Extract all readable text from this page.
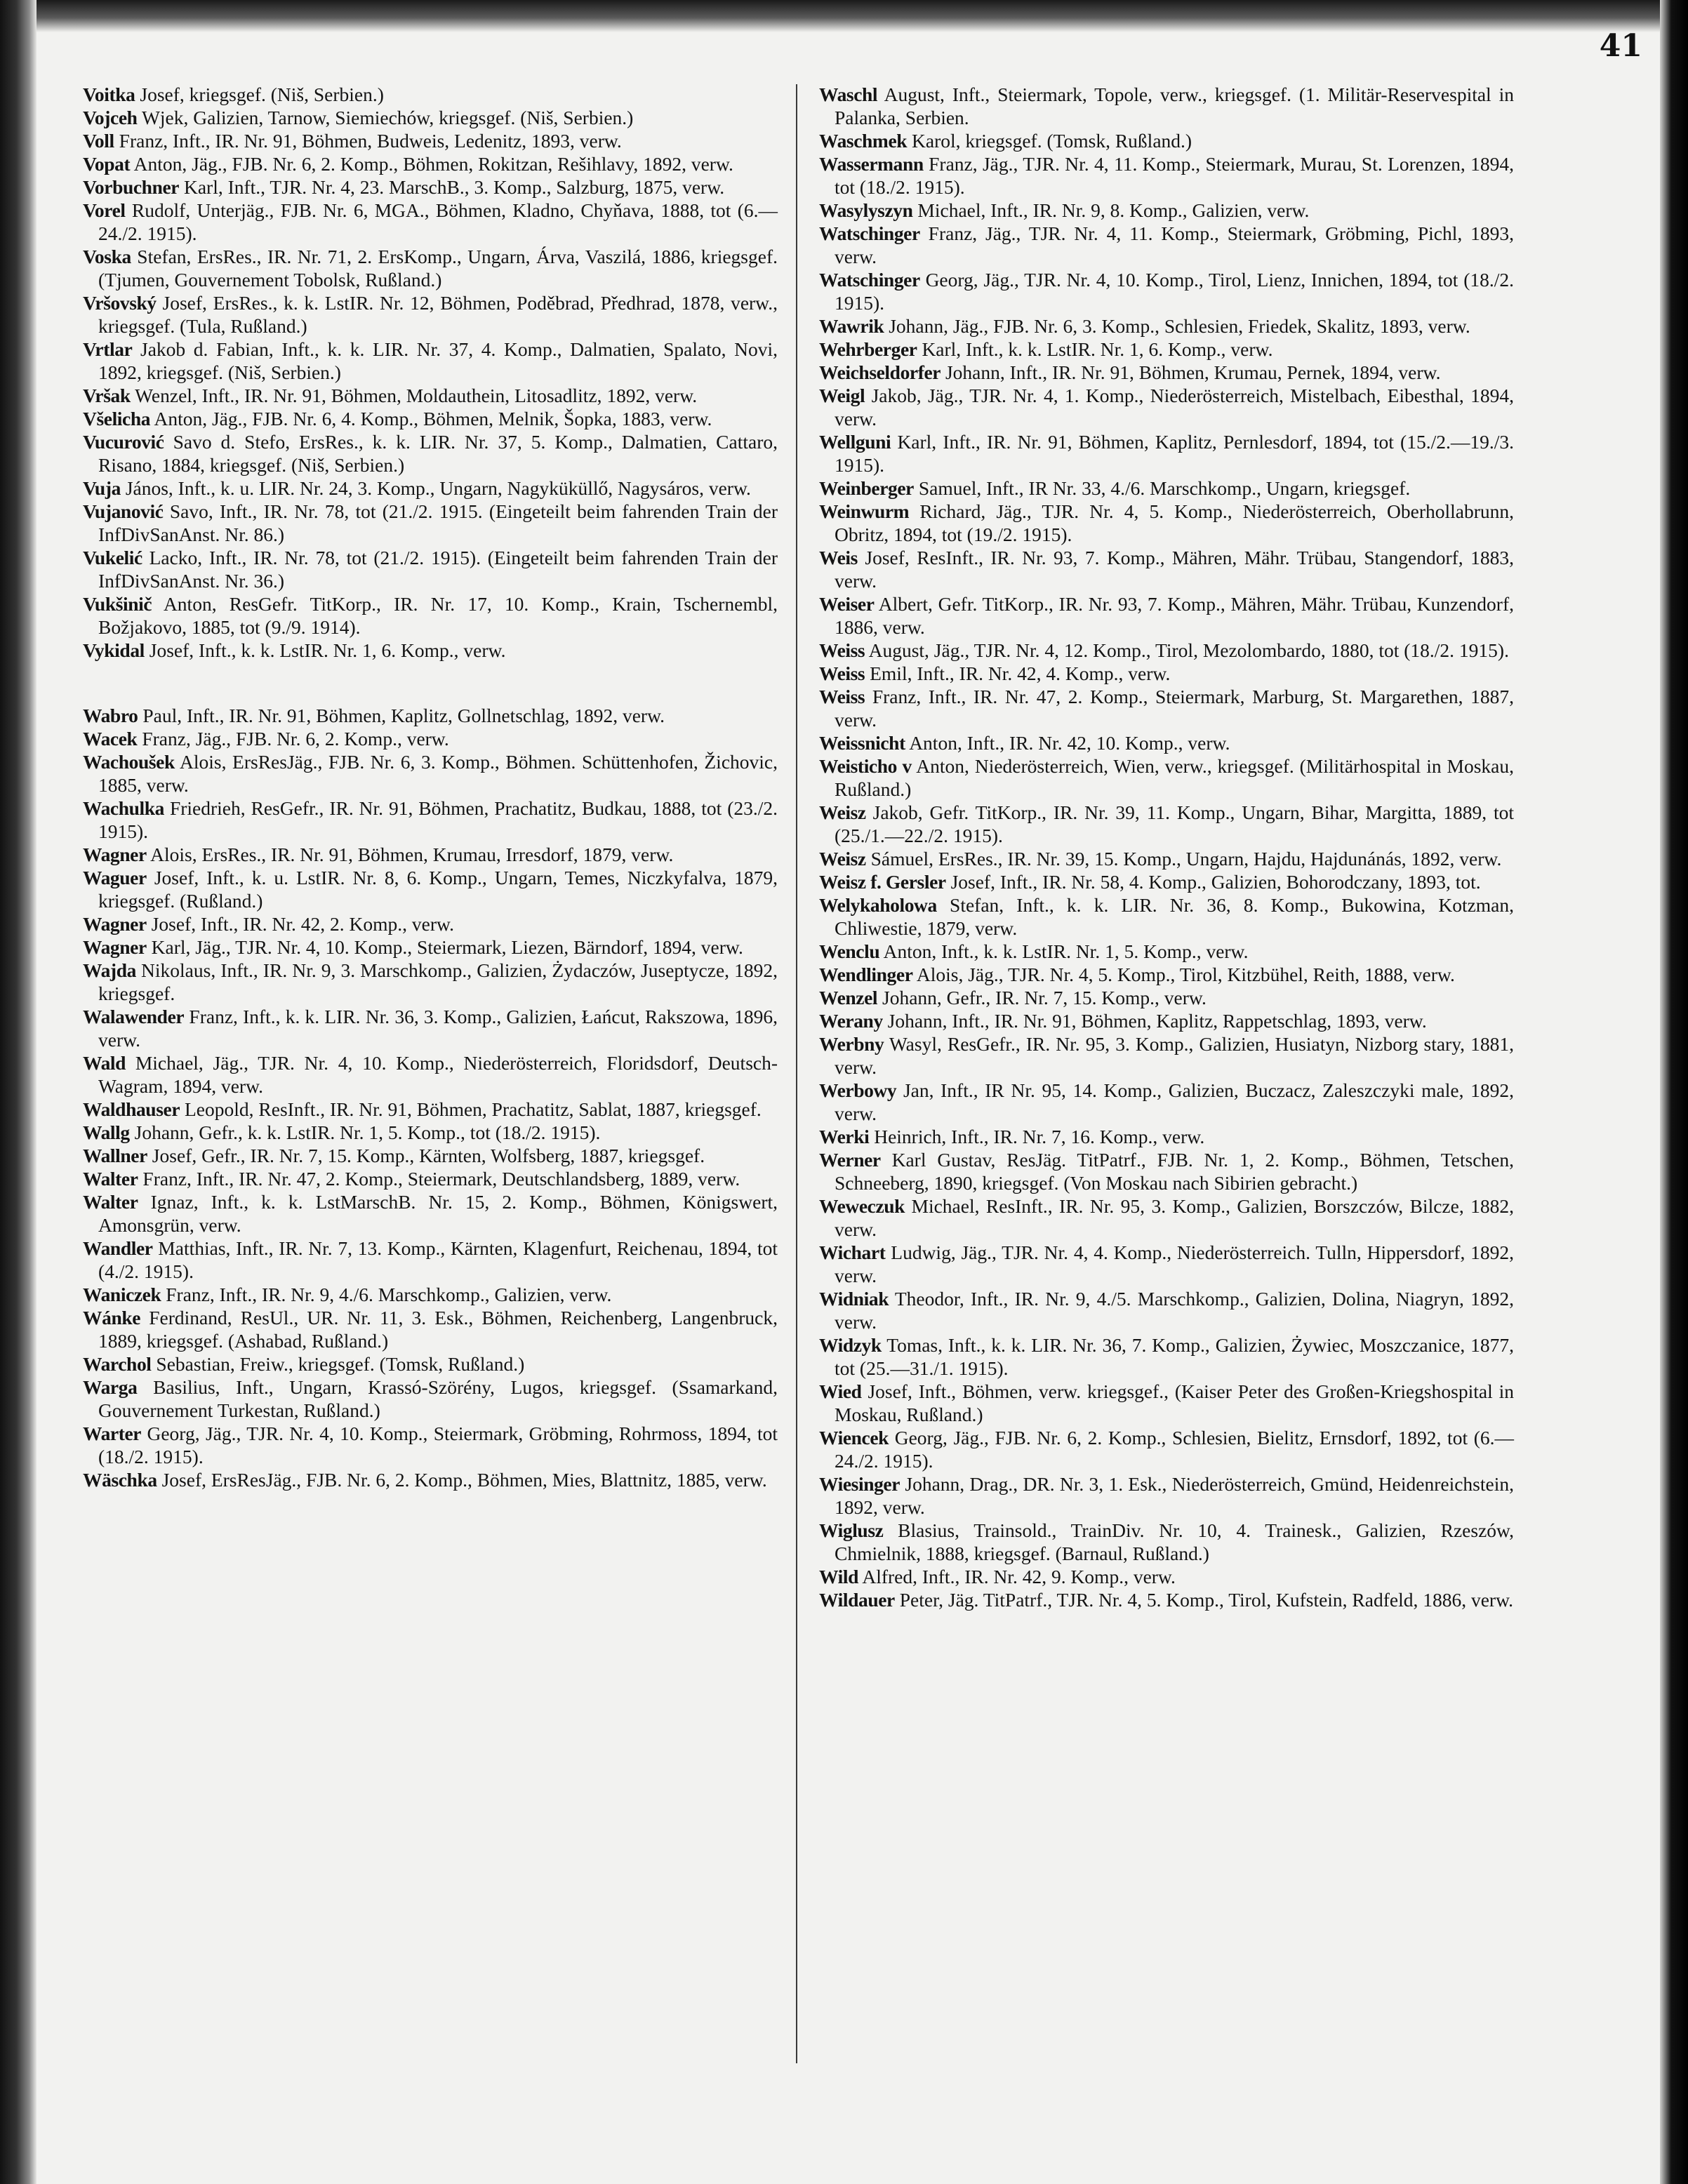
41

Voitka Josef, kriegsgef. (Niš, Serbien.)

Vojceh Wjek, Galizien, Tarnow, Siemiechów, kriegsgef. (Niš, Serbien.)

Voll Franz, Inft., IR. Nr. 91, Böhmen, Budweis, Ledenitz, 1893, verw.

Vopat Anton, Jäg., FJB. Nr. 6, 2. Komp., Böhmen, Rokitzan, Rešihlavy, 1892, verw.

Vorbuchner Karl, Inft., TJR. Nr. 4, 23. MarschB., 3. Komp., Salzburg, 1875, verw.

Vorel Rudolf, Unterjäg., FJB. Nr. 6, MGA., Böhmen, Kladno, Chyňava, 1888, tot (6.—24./2. 1915).

Voska Stefan, ErsRes., IR. Nr. 71, 2. ErsKomp., Ungarn, Árva, Vaszilá, 1886, kriegsgef. (Tjumen, Gouvernement Tobolsk, Rußland.)

Vršovský Josef, ErsRes., k. k. LstIR. Nr. 12, Böhmen, Poděbrad, Předhrad, 1878, verw., kriegsgef. (Tula, Rußland.)

Vrtlar Jakob d. Fabian, Inft., k. k. LIR. Nr. 37, 4. Komp., Dalmatien, Spalato, Novi, 1892, kriegsgef. (Niš, Serbien.)

Vršak Wenzel, Inft., IR. Nr. 91, Böhmen, Moldauthein, Litosadlitz, 1892, verw.

Všelicha Anton, Jäg., FJB. Nr. 6, 4. Komp., Böhmen, Melnik, Šopka, 1883, verw.

Vucurović Savo d. Stefo, ErsRes., k. k. LIR. Nr. 37, 5. Komp., Dalmatien, Cattaro, Risano, 1884, kriegsgef. (Niš, Serbien.)

Vuja János, Inft., k. u. LIR. Nr. 24, 3. Komp., Ungarn, Nagyküküllő, Nagysáros, verw.

Vujanović Savo, Inft., IR. Nr. 78, tot (21./2. 1915. (Eingeteilt beim fahrenden Train der InfDivSanAnst. Nr. 86.)

Vukelić Lacko, Inft., IR. Nr. 78, tot (21./2. 1915). (Eingeteilt beim fahrenden Train der InfDivSanAnst. Nr. 36.)

Vukšinič Anton, ResGefr. TitKorp., IR. Nr. 17, 10. Komp., Krain, Tschernembl, Božjakovo, 1885, tot (9./9. 1914).

Vykidal Josef, Inft., k. k. LstIR. Nr. 1, 6. Komp., verw.

Wabro Paul, Inft., IR. Nr. 91, Böhmen, Kaplitz, Gollnetschlag, 1892, verw.

Wacek Franz, Jäg., FJB. Nr. 6, 2. Komp., verw.

Wachoušek Alois, ErsResJäg., FJB. Nr. 6, 3. Komp., Böhmen. Schüttenhofen, Žichovic, 1885, verw.

Wachulka Friedrieh, ResGefr., IR. Nr. 91, Böhmen, Prachatitz, Budkau, 1888, tot (23./2. 1915).

Wagner Alois, ErsRes., IR. Nr. 91, Böhmen, Krumau, Irresdorf, 1879, verw.

Waguer Josef, Inft., k. u. LstIR. Nr. 8, 6. Komp., Ungarn, Temes, Niczkyfalva, 1879, kriegsgef. (Rußland.)

Wagner Josef, Inft., IR. Nr. 42, 2. Komp., verw.

Wagner Karl, Jäg., TJR. Nr. 4, 10. Komp., Steiermark, Liezen, Bärndorf, 1894, verw.

Wajda Nikolaus, Inft., IR. Nr. 9, 3. Marschkomp., Galizien, Żydaczów, Juseptycze, 1892, kriegsgef.

Walawender Franz, Inft., k. k. LIR. Nr. 36, 3. Komp., Galizien, Łańcut, Rakszowa, 1896, verw.

Wald Michael, Jäg., TJR. Nr. 4, 10. Komp., Niederösterreich, Floridsdorf, Deutsch-Wagram, 1894, verw.

Waldhauser Leopold, ResInft., IR. Nr. 91, Böhmen, Prachatitz, Sablat, 1887, kriegsgef.

Wallg Johann, Gefr., k. k. LstIR. Nr. 1, 5. Komp., tot (18./2. 1915).

Wallner Josef, Gefr., IR. Nr. 7, 15. Komp., Kärnten, Wolfsberg, 1887, kriegsgef.

Walter Franz, Inft., IR. Nr. 47, 2. Komp., Steiermark, Deutschlandsberg, 1889, verw.

Walter Ignaz, Inft., k. k. LstMarschB. Nr. 15, 2. Komp., Böhmen, Königswert, Amonsgrün, verw.

Wandler Matthias, Inft., IR. Nr. 7, 13. Komp., Kärnten, Klagenfurt, Reichenau, 1894, tot (4./2. 1915).

Waniczek Franz, Inft., IR. Nr. 9, 4./6. Marschkomp., Galizien, verw.

Wánke Ferdinand, ResUl., UR. Nr. 11, 3. Esk., Böhmen, Reichenberg, Langenbruck, 1889, kriegsgef. (Ashabad, Rußland.)

Warchol Sebastian, Freiw., kriegsgef. (Tomsk, Rußland.)

Warga Basilius, Inft., Ungarn, Krassó-Szörény, Lugos, kriegsgef. (Ssamarkand, Gouvernement Turkestan, Rußland.)

Warter Georg, Jäg., TJR. Nr. 4, 10. Komp., Steiermark, Gröbming, Rohrmoss, 1894, tot (18./2. 1915).

Wäschka Josef, ErsResJäg., FJB. Nr. 6, 2. Komp., Böhmen, Mies, Blattnitz, 1885, verw.

Waschl August, Inft., Steiermark, Topole, verw., kriegsgef. (1. Militär-Reservespital in Palanka, Serbien.

Waschmek Karol, kriegsgef. (Tomsk, Rußland.)

Wassermann Franz, Jäg., TJR. Nr. 4, 11. Komp., Steiermark, Murau, St. Lorenzen, 1894, tot (18./2. 1915).

Wasylyszyn Michael, Inft., IR. Nr. 9, 8. Komp., Galizien, verw.

Watschinger Franz, Jäg., TJR. Nr. 4, 11. Komp., Steiermark, Gröbming, Pichl, 1893, verw.

Watschinger Georg, Jäg., TJR. Nr. 4, 10. Komp., Tirol, Lienz, Innichen, 1894, tot (18./2. 1915).

Wawrik Johann, Jäg., FJB. Nr. 6, 3. Komp., Schlesien, Friedek, Skalitz, 1893, verw.

Wehrberger Karl, Inft., k. k. LstIR. Nr. 1, 6. Komp., verw.

Weichseldorfer Johann, Inft., IR. Nr. 91, Böhmen, Krumau, Pernek, 1894, verw.

Weigl Jakob, Jäg., TJR. Nr. 4, 1. Komp., Niederösterreich, Mistelbach, Eibesthal, 1894, verw.

Wellguni Karl, Inft., IR. Nr. 91, Böhmen, Kaplitz, Pernlesdorf, 1894, tot (15./2.—19./3. 1915).

Weinberger Samuel, Inft., IR Nr. 33, 4./6. Marschkomp., Ungarn, kriegsgef.

Weinwurm Richard, Jäg., TJR. Nr. 4, 5. Komp., Niederösterreich, Oberhollabrunn, Obritz, 1894, tot (19./2. 1915).

Weis Josef, ResInft., IR. Nr. 93, 7. Komp., Mähren, Mähr. Trübau, Stangendorf, 1883, verw.

Weiser Albert, Gefr. TitKorp., IR. Nr. 93, 7. Komp., Mähren, Mähr. Trübau, Kunzendorf, 1886, verw.

Weiss August, Jäg., TJR. Nr. 4, 12. Komp., Tirol, Mezolombardo, 1880, tot (18./2. 1915).

Weiss Emil, Inft., IR. Nr. 42, 4. Komp., verw.

Weiss Franz, Inft., IR. Nr. 47, 2. Komp., Steiermark, Marburg, St. Margarethen, 1887, verw.

Weissnicht Anton, Inft., IR. Nr. 42, 10. Komp., verw.

Weisticho v Anton, Niederösterreich, Wien, verw., kriegsgef. (Militärhospital in Moskau, Rußland.)

Weisz Jakob, Gefr. TitKorp., IR. Nr. 39, 11. Komp., Ungarn, Bihar, Margitta, 1889, tot (25./1.—22./2. 1915).

Weisz Sámuel, ErsRes., IR. Nr. 39, 15. Komp., Ungarn, Hajdu, Hajdunánás, 1892, verw.

Weisz f. Gersler Josef, Inft., IR. Nr. 58, 4. Komp., Galizien, Bohorodczany, 1893, tot.

Welykaholowa Stefan, Inft., k. k. LIR. Nr. 36, 8. Komp., Bukowina, Kotzman, Chliwestie, 1879, verw.

Wenclu Anton, Inft., k. k. LstIR. Nr. 1, 5. Komp., verw.

Wendlinger Alois, Jäg., TJR. Nr. 4, 5. Komp., Tirol, Kitzbühel, Reith, 1888, verw.

Wenzel Johann, Gefr., IR. Nr. 7, 15. Komp., verw.

Werany Johann, Inft., IR. Nr. 91, Böhmen, Kaplitz, Rappetschlag, 1893, verw.

Werbny Wasyl, ResGefr., IR. Nr. 95, 3. Komp., Galizien, Husiatyn, Nizborg stary, 1881, verw.

Werbowy Jan, Inft., IR Nr. 95, 14. Komp., Galizien, Buczacz, Zaleszczyki male, 1892, verw.

Werki Heinrich, Inft., IR. Nr. 7, 16. Komp., verw.

Werner Karl Gustav, ResJäg. TitPatrf., FJB. Nr. 1, 2. Komp., Böhmen, Tetschen, Schneeberg, 1890, kriegsgef. (Von Moskau nach Sibirien gebracht.)

Weweczuk Michael, ResInft., IR. Nr. 95, 3. Komp., Galizien, Borszczów, Bilcze, 1882, verw.

Wichart Ludwig, Jäg., TJR. Nr. 4, 4. Komp., Niederösterreich. Tulln, Hippersdorf, 1892, verw.

Widniak Theodor, Inft., IR. Nr. 9, 4./5. Marschkomp., Galizien, Dolina, Niagryn, 1892, verw.

Widzyk Tomas, Inft., k. k. LIR. Nr. 36, 7. Komp., Galizien, Żywiec, Moszczanice, 1877, tot (25.—31./1. 1915).

Wied Josef, Inft., Böhmen, verw. kriegsgef., (Kaiser Peter des Großen-Kriegshospital in Moskau, Rußland.)

Wiencek Georg, Jäg., FJB. Nr. 6, 2. Komp., Schlesien, Bielitz, Ernsdorf, 1892, tot (6.—24./2. 1915).

Wiesinger Johann, Drag., DR. Nr. 3, 1. Esk., Niederösterreich, Gmünd, Heidenreichstein, 1892, verw.

Wiglusz Blasius, Trainsold., TrainDiv. Nr. 10, 4. Trainesk., Galizien, Rzeszów, Chmielnik, 1888, kriegsgef. (Barnaul, Rußland.)

Wild Alfred, Inft., IR. Nr. 42, 9. Komp., verw.

Wildauer Peter, Jäg. TitPatrf., TJR. Nr. 4, 5. Komp., Tirol, Kufstein, Radfeld, 1886, verw.
